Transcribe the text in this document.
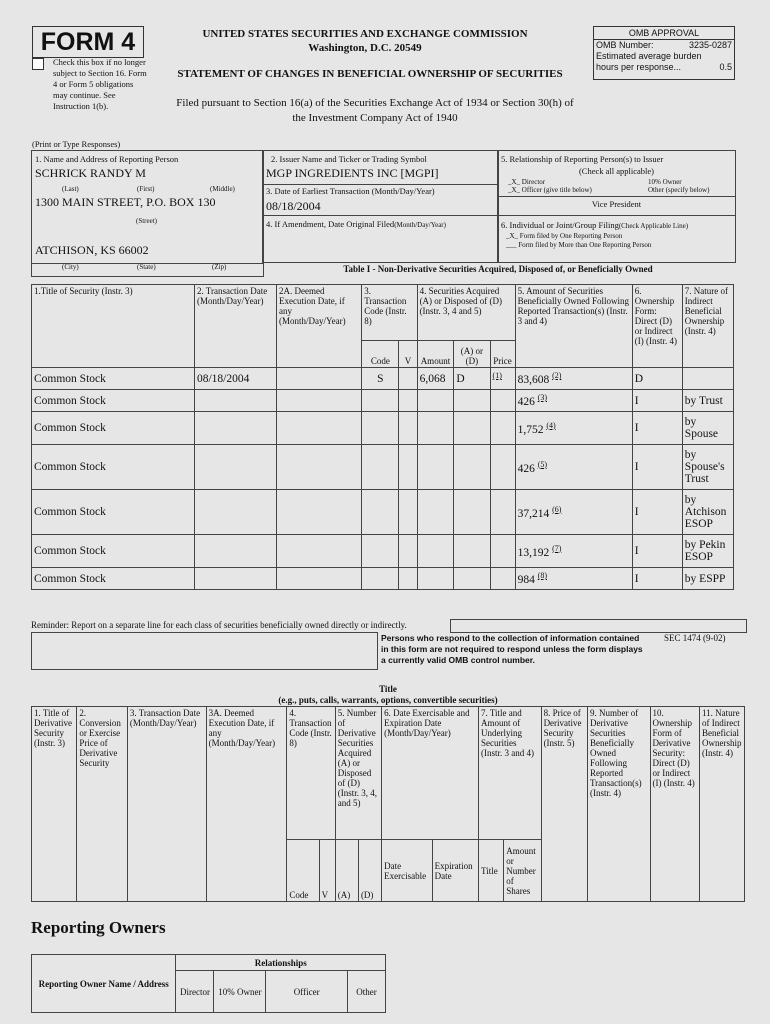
FORM 4
Check this box if no longer subject to Section 16. Form 4 or Form 5 obligations may continue. See Instruction 1(b).
UNITED STATES SECURITIES AND EXCHANGE COMMISSION
Washington, D.C. 20549
STATEMENT OF CHANGES IN BENEFICIAL OWNERSHIP OF SECURITIES
Filed pursuant to Section 16(a) of the Securities Exchange Act of 1934 or Section 30(h) of
the Investment Company Act of 1940
OMB APPROVAL
OMB Number:	3235-0287
Estimated average burden
hours per response...	0.5
(Print or Type Responses)
1. Name and Address of Reporting Person
SCHRICK RANDY M
(Last)	(First)	(Middle)
1300 MAIN STREET, P.O. BOX 130
(Street)
ATCHISON, KS 66002
(City)	(State)	(Zip)
2. Issuer Name and Ticker or Trading Symbol
MGP INGREDIENTS INC [MGPI]
3. Date of Earliest Transaction (Month/Day/Year)
08/18/2004
4. If Amendment, Date Original Filed(Month/Day/Year)
5. Relationship of Reporting Person(s) to Issuer
(Check all applicable)
_X_ Director	10% Owner
_X_ Officer (give title below)	Other (specify below)
Vice President
6. Individual or Joint/Group Filing(Check Applicable Line)
_X_ Form filed by One Reporting Person
___ Form filed by More than One Reporting Person
Table I - Non-Derivative Securities Acquired, Disposed of, or Beneficially Owned
1.Title of Security (Instr. 3)	2. Transaction Date (Month/Day/Year)	2A. Deemed Execution Date, if any (Month/Day/Year)	3. Transaction Code (Instr. 8)		4. Securities Acquired (A) or Disposed of (D) (Instr. 3, 4 and 5)			5. Amount of Securities Beneficially Owned Following Reported Transaction(s) (Instr. 3 and 4)	6. Ownership Form: Direct (D) or Indirect (I) (Instr. 4)	7. Nature of Indirect Beneficial Ownership (Instr. 4)
			Code	V	Amount	(A) or (D)	Price			
Common Stock	08/18/2004		S		6,068	D	$^{(1)}$	83,608 $^{(2)}$	D	
Common Stock								426 $^{(3)}$	I	by Trust
Common Stock								1,752 $^{(4)}$	I	by Spouse
Common Stock								426 $^{(5)}$	I	by Spouse's Trust
Common Stock								37,214 $^{(6)}$	I	by Atchison ESOP
Common Stock								13,192 $^{(7)}$	I	by Pekin ESOP
Common Stock								984 $^{(8)}$	I	by ESPP
Reminder: Report on a separate line for each class of securities beneficially owned directly or indirectly.
Persons who respond to the collection of information contained in this form are not required to respond unless the form displays a currently valid OMB control number.
SEC 1474 (9-02)
Title
(e.g., puts, calls, warrants, options, convertible securities)
1. Title of Derivative Security (Instr. 3)	2. Conversion or Exercise Price of Derivative Security	3. Transaction Date (Month/Day/Year)	3A. Deemed Execution Date, if any (Month/Day/Year)	4. Transaction Code (Instr. 8)		5. Number of Derivative Securities Acquired (A) or Disposed of (D) (Instr. 3, 4, and 5)		6. Date Exercisable and Expiration Date (Month/Day/Year)		7. Title and Amount of Underlying Securities (Instr. 3 and 4)		8. Price of Derivative Security (Instr. 5)	9. Number of Derivative Securities Beneficially Owned Following Reported Transaction(s) (Instr. 4)	10. Ownership Form of Derivative Security: Direct (D) or Indirect (I) (Instr. 4)	11. Nature of Indirect Beneficial Ownership (Instr. 4)
				Code	V	(A)	(D)	Date Exercisable	Expiration Date	Title	Amount or Number of Shares				
Reporting Owners
Reporting Owner Name / Address	Relationships			
	Director	10% Owner	Officer	Other
